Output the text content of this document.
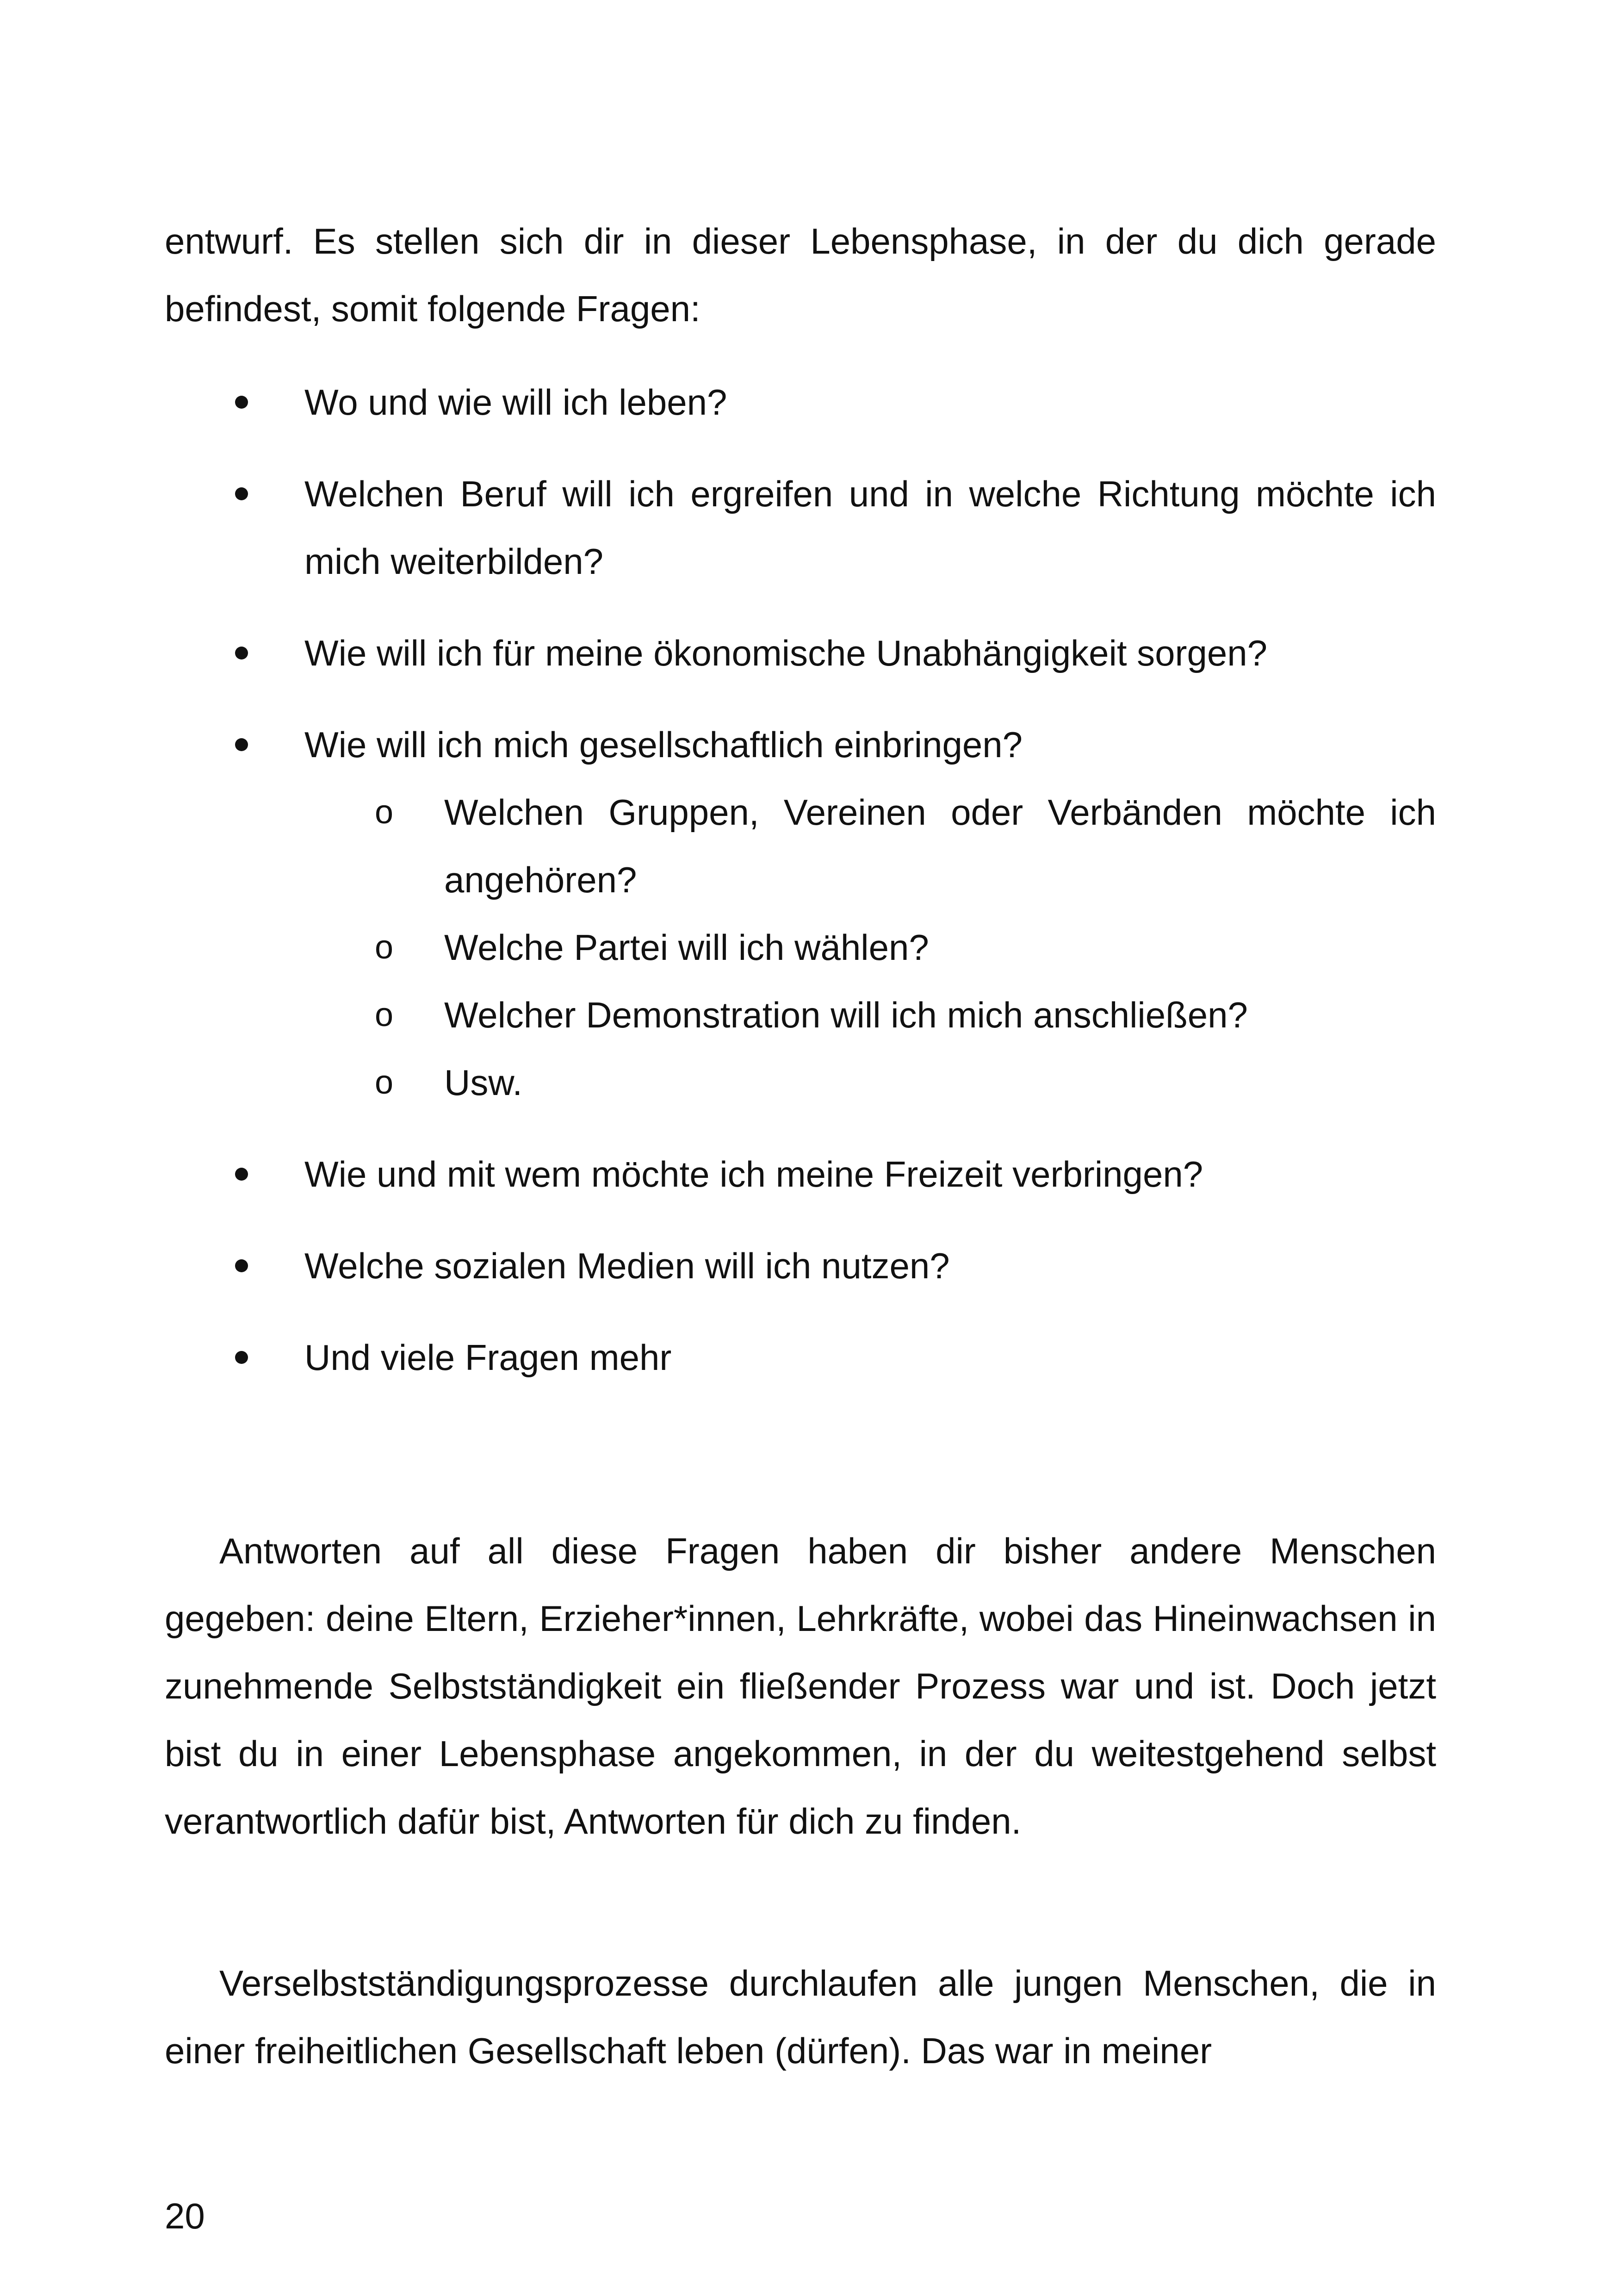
entwurf. Es stellen sich dir in dieser Lebensphase, in der du dich gerade befindest, somit folgende Fragen:

Wo und wie will ich leben?
Welchen Beruf will ich ergreifen und in welche Richtung möchte ich mich weiterbilden?
Wie will ich für meine ökonomische Unabhängigkeit sorgen?
Wie will ich mich gesellschaftlich einbringen?
o Welchen Gruppen, Vereinen oder Verbänden möchte ich angehören?
o Welche Partei will ich wählen?
o Welcher Demonstration will ich mich anschließen?
o Usw.
Wie und mit wem möchte ich meine Freizeit verbringen?
Welche sozialen Medien will ich nutzen?
Und viele Fragen mehr

Antworten auf all diese Fragen haben dir bisher andere Menschen gegeben: deine Eltern, Erzieher*innen, Lehrkräfte, wobei das Hineinwachsen in zunehmende Selbstständigkeit ein fließender Prozess war und ist. Doch jetzt bist du in einer Lebensphase angekommen, in der du weitestgehend selbst verantwortlich dafür bist, Antworten für dich zu finden.

Verselbstständigungsprozesse durchlaufen alle jungen Menschen, die in einer freiheitlichen Gesellschaft leben (dürfen). Das war in meiner

20
